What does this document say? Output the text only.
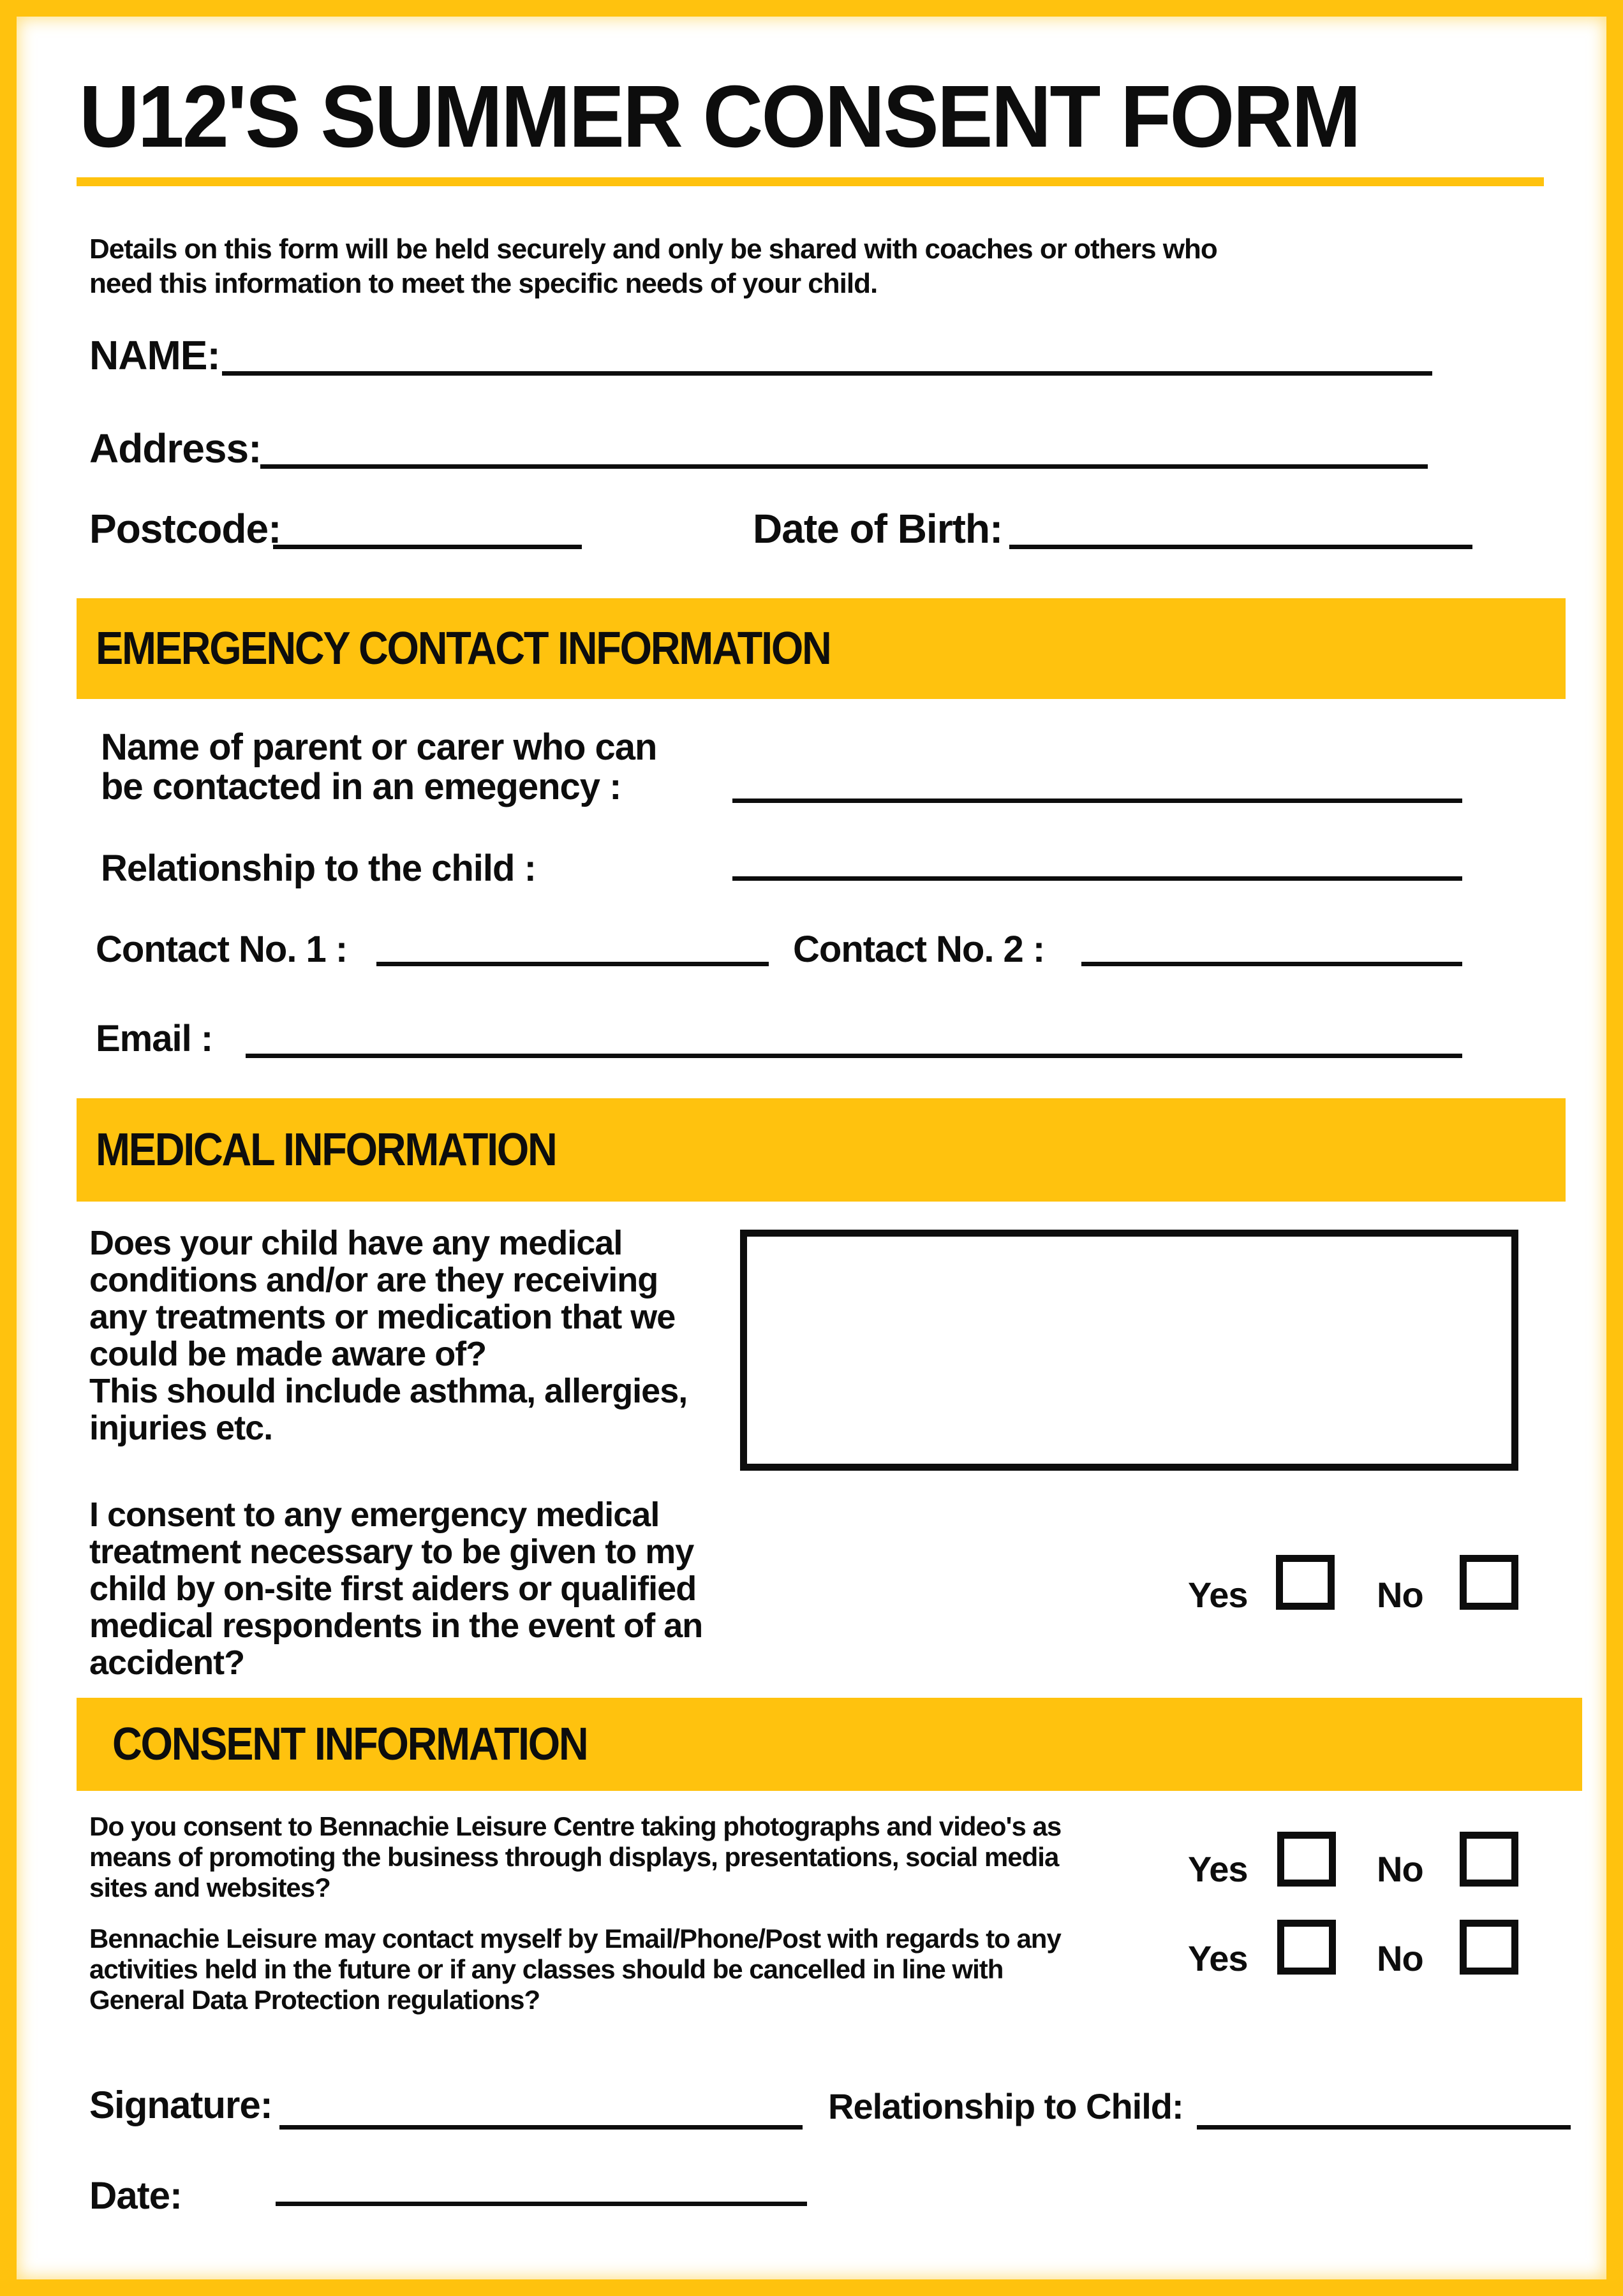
U12'S SUMMER CONSENT FORM
Details on this form will be held securely and only be shared with coaches or others who
need this information to meet the specific needs of your child.
NAME:
Address:
Postcode:	Date of Birth:
EMERGENCY CONTACT INFORMATION
Name of parent or carer who can
be contacted in an emegency :
Relationship to the child :
Contact No. 1 :	Contact No. 2 :
Email :
MEDICAL INFORMATION
Does your child have any medical
conditions and/or are they receiving
any treatments or medication that we
could be made aware of?
This should include asthma, allergies,
injuries etc.
I consent to any emergency medical
treatment necessary to be given to my
child by on-site first aiders or qualified
medical respondents in the event of an
accident?
Yes	No
CONSENT INFORMATION
Do you consent to Bennachie Leisure Centre taking photographs and video's as
means of promoting the business through displays, presentations, social media
sites and websites?	Yes	No
Bennachie Leisure may contact myself by Email/Phone/Post with regards to any
activities held in the future or if any classes should be cancelled in line with
General Data Protection regulations?
Yes	No
Signature:	Relationship to Child:
Date:
